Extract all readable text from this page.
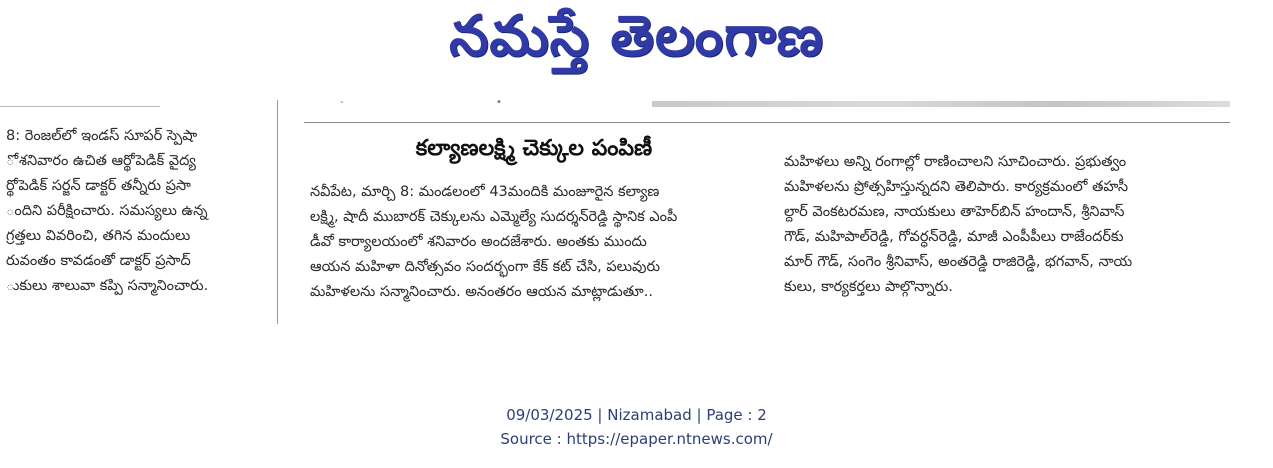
నమస్తే తెలంగాణ
-	•

8: రెంజల్‌లో ఇండస్ సూపర్ స్పెషా

ో శనివారం ఉచిత ఆర్థోపెడిక్ వైద్య

ర్థోపెడిక్ సర్జన్ డాక్టర్ తన్నీరు ప్రసా

ందిని పరీక్షించారు. సమస్యలు ఉన్న

గ్రత్తలు వివరించి, తగిన మందులు

రువంతం కావడంతో డాక్టర్ ప్రసాద్

ుకులు శాలువా కప్పి సన్మానించారు.

కల్యాణలక్ష్మి చెక్కుల పంపిణీ

నవీపేట, మార్చి 8: మండలంలో 43మందికి మంజూరైన కల్యాణ

లక్ష్మి, షాదీ ముబారక్ చెక్కులను ఎమ్మెల్యే సుదర్శన్‌రెడ్డి స్థానిక ఎంపీ

డీవో కార్యాలయంలో శనివారం అందజేశారు. అంతకు ముందు

ఆయన మహిళా దినోత్సవం సందర్భంగా కేక్ కట్ చేసి, పలువురు

మహిళలను సన్మానించారు. అనంతరం ఆయన మాట్లాడుతూ..

మహిళలు అన్ని రంగాల్లో రాణించాలని సూచించారు. ప్రభుత్వం

మహిళలను ప్రోత్సహిస్తున్నదని తెలిపారు. కార్యక్రమంలో తహసీ

ల్దార్ వెంకటరమణ, నాయకులు తాహెర్‌బిన్ హందాన్, శ్రీనివాస్

గౌడ్, మహిపాల్‌రెడ్డి, గోవర్ధన్‌రెడ్డి, మాజీ ఎంపీపీలు రాజేందర్‌కు

మార్ గౌడ్, సంగెం శ్రీనివాస్, అంతరెడ్డి రాజిరెడ్డి, భగవాన్, నాయ

కులు, కార్యకర్తలు పాల్గొన్నారు.

09/03/2025 | Nizamabad | Page : 2
Source : https://epaper.ntnews.com/
